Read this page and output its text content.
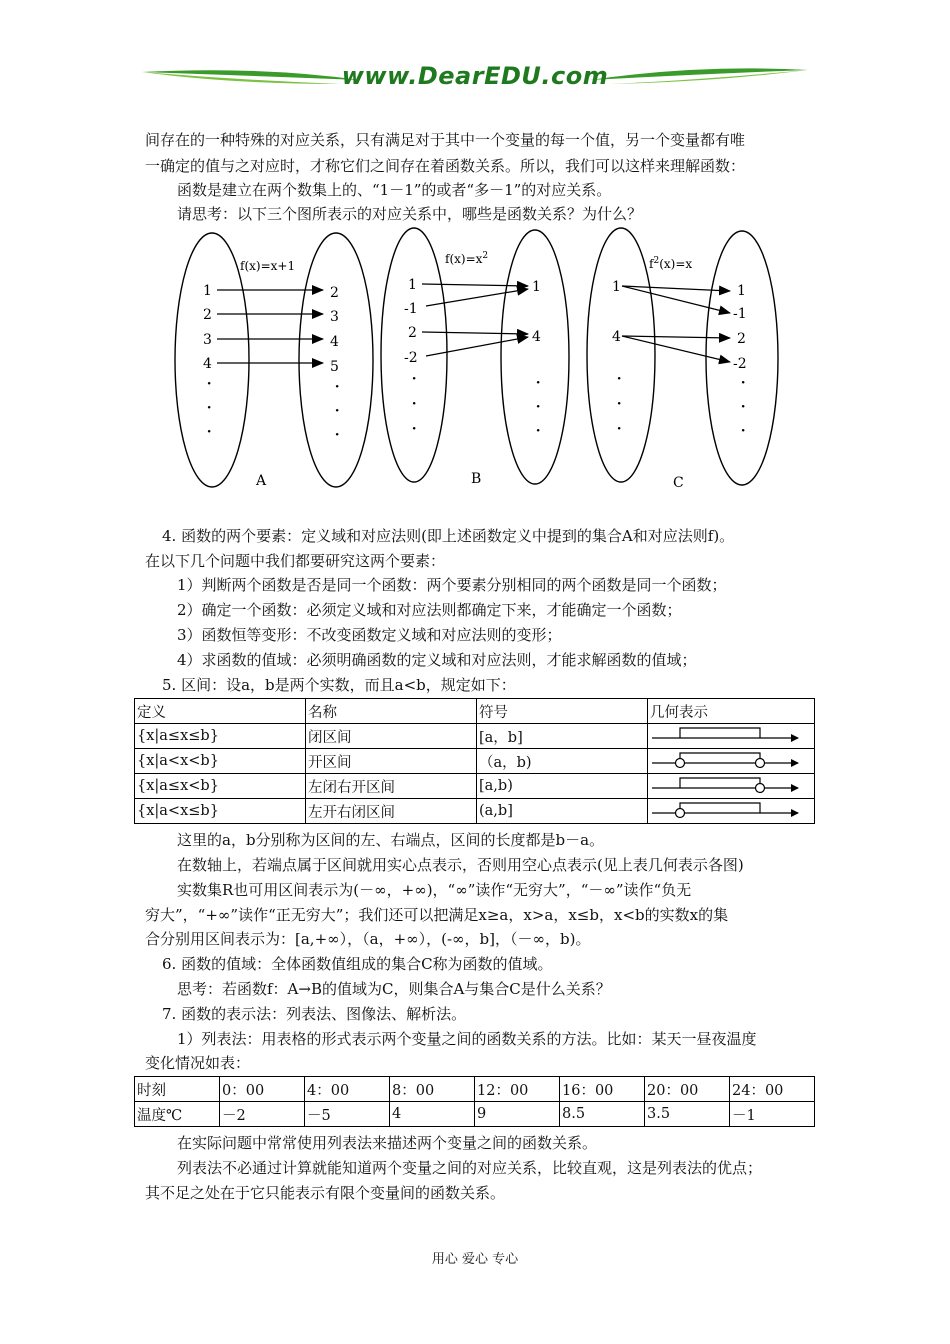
www.DearEDU.com
间存在的一种特殊的对应关系，只有满足对于其中一个变量的每一个值，另一个变量都有唯
一确定的值与之对应时，才称它们之间存在着函数关系。所以，我们可以这样来理解函数：
函数是建立在两个数集上的、“1－1”的或者“多－1”的对应关系。
请思考：以下三个图所表示的对应关系中，哪些是函数关系？为什么？
f(x)=x+1
1
2
3
4
2
3
4
5
·
·
·
·
·
·
A
$f(x)=x^2$
1
-1
2
-2
1
4
·
·
·
·
·
·
B
$f^2(x)=x$
1
4
1
-1
2
-2
·
·
·
·
·
·
C
4. 函数的两个要素：定义域和对应法则(即上述函数定义中提到的集合A和对应法则f)。
在以下几个问题中我们都要研究这两个要素：
1）判断两个函数是否是同一个函数：两个要素分别相同的两个函数是同一个函数；
2）确定一个函数：必须定义域和对应法则都确定下来，才能确定一个函数；
3）函数恒等变形：不改变函数定义域和对应法则的变形；
4）求函数的值域：必须明确函数的定义域和对应法则，才能求解函数的值域；
5. 区间：设a，b是两个实数，而且a<b，规定如下：
定义	名称	符号	几何表示
{x|a≤x≤b}	闭区间	[a，b]	
{x|a<x<b}	开区间	（a，b)	
{x|a≤x<b}	左闭右开区间	[a,b)	
{x|a<x≤b}	左开右闭区间	(a,b]	
这里的a，b分别称为区间的左、右端点，区间的长度都是b－a。
在数轴上，若端点属于区间就用实心点表示，否则用空心点表示(见上表几何表示各图)
实数集R也可用区间表示为(－∞，+∞)，“∞”读作“无穷大”，“－∞”读作“负无
穷大”，“+∞”读作“正无穷大”；我们还可以把满足x≥a，x>a，x≤b，x<b的实数x的集
合分别用区间表示为：[a,+∞），（a，+∞），(-∞，b]，（－∞，b)。
6. 函数的值域：全体函数值组成的集合C称为函数的值域。
思考：若函数f：A→B的值域为C，则集合A与集合C是什么关系？
7. 函数的表示法：列表法、图像法、解析法。
1）列表法：用表格的形式表示两个变量之间的函数关系的方法。比如：某天一昼夜温度
变化情况如表：
时刻	0：00	4：00	8：00	12：00	16：00	20：00	24：00
温度℃	－2	－5	4	9	8.5	3.5	－1
在实际问题中常常使用列表法来描述两个变量之间的函数关系。
列表法不必通过计算就能知道两个变量之间的对应关系，比较直观，这是列表法的优点；
其不足之处在于它只能表示有限个变量间的函数关系。
用心 爱心 专心
